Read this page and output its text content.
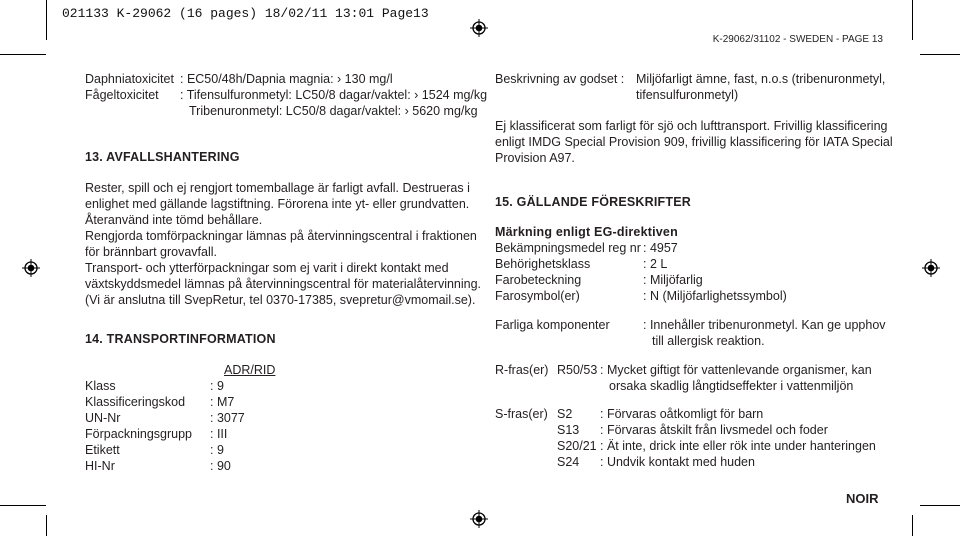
021133 K-29062 (16 pages) 18/02/11 13:01 Page13
K-29062/31102 - SWEDEN - PAGE 13
Daphniatoxicitet : EC50/48h/Dapnia magnia: › 130 mg/l
Fågeltoxicitet : Tifensulfuronmetyl: LC50/8 dagar/vaktel: › 1524 mg/kg
Tribenuronmetyl: LC50/8 dagar/vaktel: › 5620 mg/kg
13. AVFALLSHANTERING
Rester, spill och ej rengjort tomemballage är farligt avfall. Destrueras i
enlighet med gällande lagstiftning. Förorena inte yt- eller grundvatten.
Återanvänd inte tömd behållare.
Rengjorda tomförpackningar lämnas på återvinningscentral i fraktionen
för brännbart grovavfall.
Transport- och ytterförpackningar som ej varit i direkt kontakt med
växtskyddsmedel lämnas på återvinningscentral för materialåtervinning.
(Vi är anslutna till SvepRetur, tel 0370-17385, svepretur@vmomail.se).
14. TRANSPORTINFORMATION
ADR/RID
Klass	: 9
Klassificeringskod : M7
UN-Nr	: 3077
Förpackningsgrupp : III
Etikett	: 9
HI-Nr	: 90
Beskrivning av godset : Miljöfarligt ämne, fast, n.o.s (tribenuronmetyl,
tifensulfuronmetyl)
Ej klassificerat som farligt för sjö och lufttransport. Frivillig klassificering
enligt IMDG Special Provision 909, frivillig klassificering för IATA Special
Provision A97.
15. GÄLLANDE FÖRESKRIFTER
Märkning enligt EG-direktiven
Bekämpningsmedel reg nr : 4957
Behörighetsklass	: 2 L
Farobeteckning	: Miljöfarlig
Farosymbol(er)	: N (Miljöfarlighetssymbol)
Farliga komponenter	: Innehåller tribenuronmetyl. Kan ge upphov
till allergisk reaktion.
R-fras(er) R50/53 : Mycket giftigt för vattenlevande organismer, kan
orsaka skadlig långtidseffekter i vattenmiljön
S-fras(er) S2 : Förvaras oåtkomligt för barn
S13 : Förvaras åtskilt från livsmedel och foder
S20/21 : Ät inte, drick inte eller rök inte under hanteringen
S24 : Undvik kontakt med huden
NOIR
